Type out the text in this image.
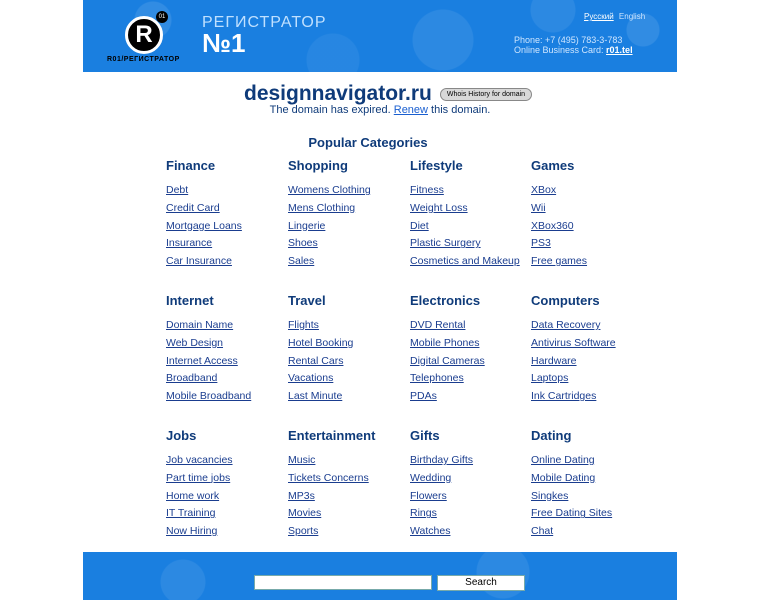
R
01
R01/РЕГИСТРАТОР
РЕГИСТРАТОР
№1
Русский English
Phone: +7 (495) 783-3-783
Online Business Card: r01.tel
designnavigator.ru	Whois History for domain
The domain has expired. Renew this domain.
Popular Categories
Finance
Debt
Credit Card
Mortgage Loans
Insurance
Car Insurance
Shopping
Womens Clothing
Mens Clothing
Lingerie
Shoes
Sales
Lifestyle
Fitness
Weight Loss
Diet
Plastic Surgery
Cosmetics and Makeup
Games
XBox
Wii
XBox360
PS3
Free games
Internet
Domain Name
Web Design
Internet Access
Broadband
Mobile Broadband
Travel
Flights
Hotel Booking
Rental Cars
Vacations
Last Minute
Electronics
DVD Rental
Mobile Phones
Digital Cameras
Telephones
PDAs
Computers
Data Recovery
Antivirus Software
Hardware
Laptops
Ink Cartridges
Jobs
Job vacancies
Part time jobs
Home work
IT Training
Now Hiring
Entertainment
Music
Tickets Concerns
MP3s
Movies
Sports
Gifts
Birthday Gifts
Wedding
Flowers
Rings
Watches
Dating
Online Dating
Mobile Dating
Singkes
Free Dating Sites
Chat
Search
